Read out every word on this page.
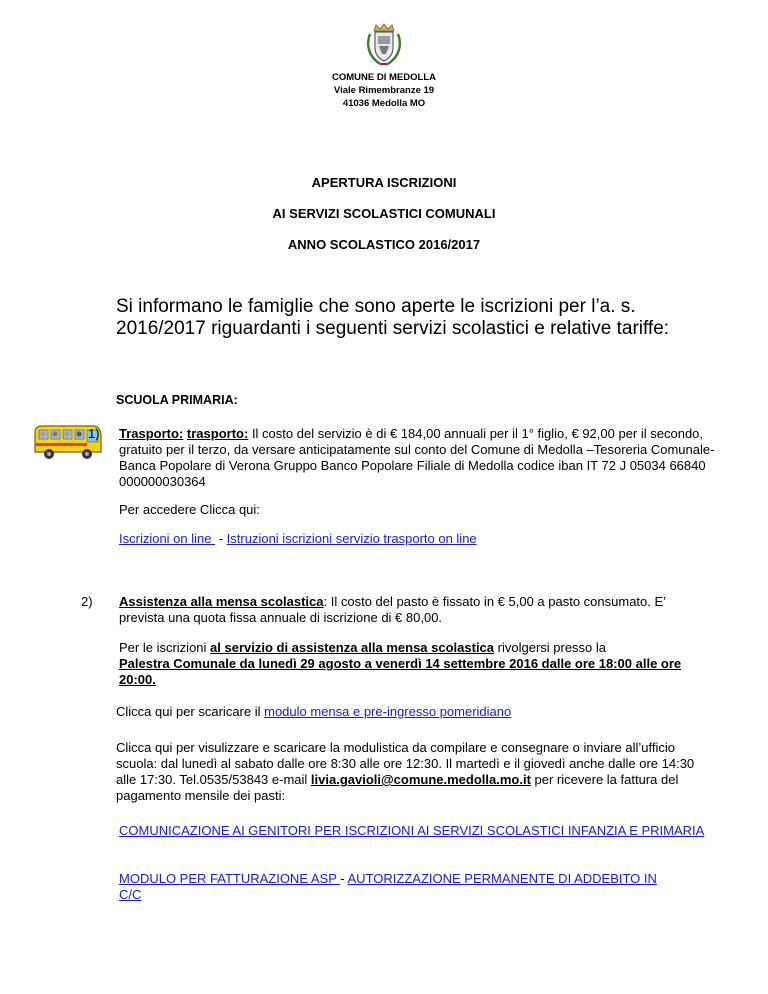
COMUNE DI MEDOLLA
Viale Rimembranze 19
41036 Medolla MO
APERTURA ISCRIZIONI
AI SERVIZI SCOLASTICI COMUNALI
ANNO SCOLASTICO 2016/2017
Si informano le famiglie che sono aperte le iscrizioni per l’a. s. 2016/2017 riguardanti i seguenti servizi scolastici e relative tariffe:
SCUOLA PRIMARIA:
1) Trasporto: trasporto: Il costo del servizio è di € 184,00 annuali per il 1° figlio, € 92,00 per il secondo, gratuito per il terzo, da versare anticipatamente sul conto del Comune di Medolla –Tesoreria Comunale- Banca Popolare di Verona Gruppo Banco Popolare Filiale di Medolla codice iban IT 72 J 05034 66840 000000030364
Per accedere Clicca qui:
Iscrizioni on line  - Istruzioni iscrizioni servizio trasporto on line
2) Assistenza alla mensa scolastica: Il costo del pasto è fissato in € 5,00 a pasto consumato. E’ prevista una quota fissa annuale di iscrizione di € 80,00.
Per le iscrizioni al servizio di assistenza alla mensa scolastica rivolgersi presso la
Palestra Comunale da lunedì 29 agosto a venerdì 14 settembre 2016 dalle ore 18:00 alle ore 20:00.
Clicca qui per scaricare il modulo mensa e pre-ingresso pomeridiano
Clicca qui per visulizzare e scaricare la modulistica da compilare e consegnare o inviare all’ufficio scuola: dal lunedì al sabato dalle ore 8:30 alle ore 12:30. Il martedì e il giovedì anche dalle ore 14:30 alle 17:30. Tel.0535/53843 e-mail livia.gavioli@comune.medolla.mo.it per ricevere la fattura del pagamento mensile dei pasti:
COMUNICAZIONE AI GENITORI PER ISCRIZIONI AI SERVIZI SCOLASTICI INFANZIA E PRIMARIA
MODULO PER FATTURAZIONE ASP - AUTORIZZAZIONE PERMANENTE DI ADDEBITO IN C/C
